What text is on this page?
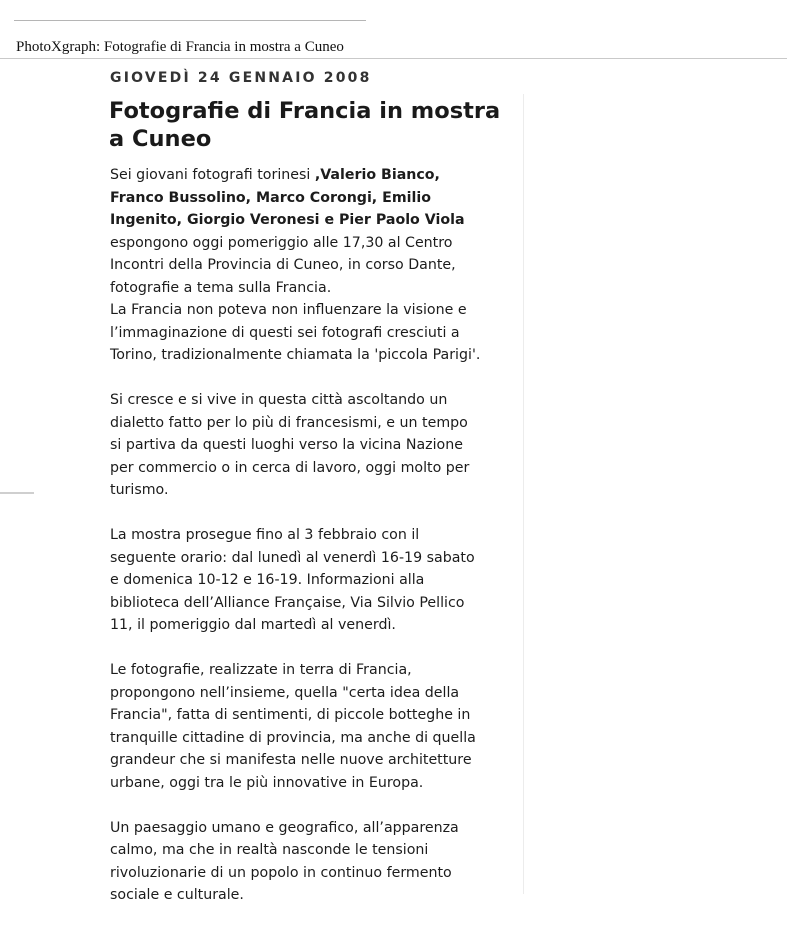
PhotoXgraph: Fotografie di Francia in mostra a Cuneo
GIOVEDÌ 24 GENNAIO 2008
Fotografie di Francia in mostra a Cuneo

Sei giovani fotografi torinesi ,Valerio Bianco,
Franco Bussolino, Marco Corongi, Emilio
Ingenito, Giorgio Veronesi e Pier Paolo Viola
espongono oggi pomeriggio alle 17,30 al Centro
Incontri della Provincia di Cuneo, in corso Dante,
fotografie a tema sulla Francia.
La Francia non poteva non influenzare la visione e
l’immaginazione di questi sei fotografi cresciuti a
Torino, tradizionalmente chiamata la 'piccola Parigi'.

Si cresce e si vive in questa città ascoltando un
dialetto fatto per lo più di francesismi, e un tempo
si partiva da questi luoghi verso la vicina Nazione
per commercio o in cerca di lavoro, oggi molto per
turismo.

La mostra prosegue fino al 3 febbraio con il
seguente orario: dal lunedì al venerdì 16-19 sabato
e domenica 10-12 e 16-19. Informazioni alla
biblioteca dell’Alliance Française, Via Silvio Pellico
11, il pomeriggio dal martedì al venerdì.

Le fotografie, realizzate in terra di Francia,
propongono nell’insieme, quella "certa idea della
Francia", fatta di sentimenti, di piccole botteghe in
tranquille cittadine di provincia, ma anche di quella
grandeur che si manifesta nelle nuove architetture
urbane, oggi tra le più innovative in Europa.

Un paesaggio umano e geografico, all’apparenza
calmo, ma che in realtà nasconde le tensioni
rivoluzionarie di un popolo in continuo fermento
sociale e culturale.
